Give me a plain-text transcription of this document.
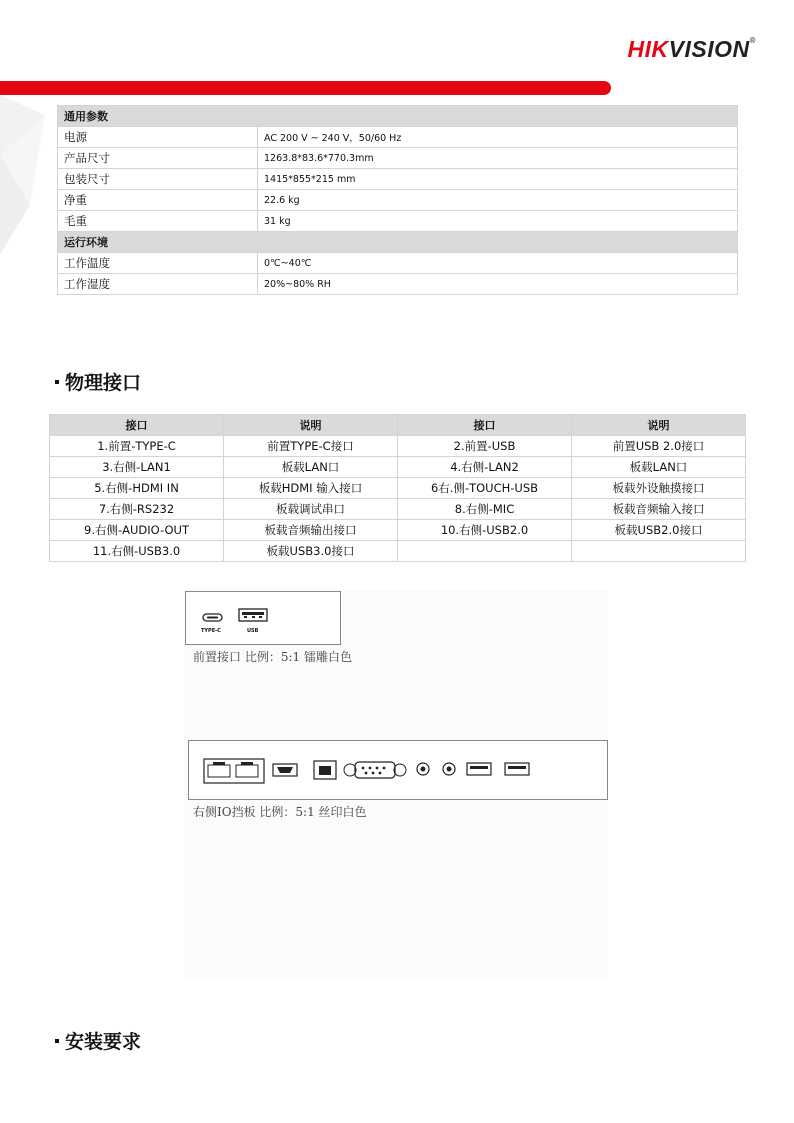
HIKVISION®
通用参数	
电源	AC 200 V ~ 240 V，50/60 Hz
产品尺寸	1263.8*83.6*770.3mm
包装尺寸	1415*855*215 mm
净重	22.6 kg
毛重	31 kg
运行环境	
工作温度	0℃~40℃
工作湿度	20%~80% RH
物理接口
接口	说明	接口	说明
1.前置-TYPE-C	前置TYPE-C接口	2.前置-USB	前置USB 2.0接口
3.右侧-LAN1	板载LAN口	4.右侧-LAN2	板载LAN口
5.右侧-HDMI IN	板载HDMI 输入接口	6右.侧-TOUCH-USB	板载外设触摸接口
7.右侧-RS232	板载调试串口	8.右侧-MIC	板载音频输入接口
9.右侧-AUDIO-OUT	板载音频输出接口	10.右侧-USB2.0	板载USB2.0接口
11.右侧-USB3.0	板载USB3.0接口		
TYPE-C	USB
前置接口 比例：5:1 镭雕白色
右侧IO挡板 比例：5:1 丝印白色
安装要求
